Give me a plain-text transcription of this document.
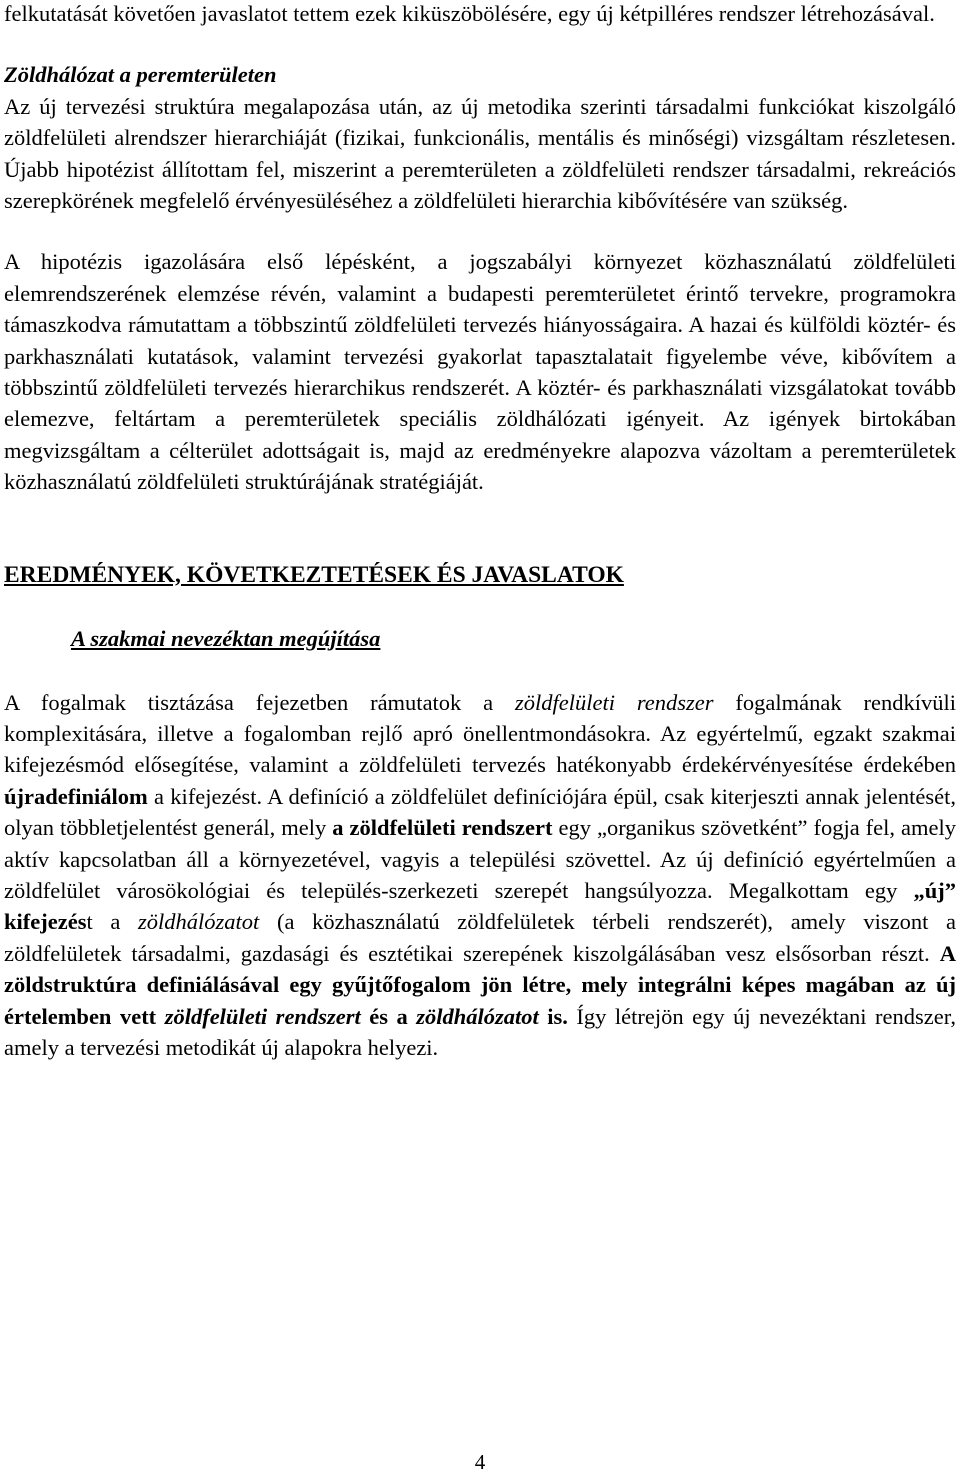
felkutatását követően javaslatot tettem ezek kiküszöbölésére, egy új kétpilléres rendszer létrehozásával.

Zöldhálózat a peremterületen

Az új tervezési struktúra megalapozása után, az új metodika szerinti társadalmi funkciókat kiszolgáló zöldfelületi alrendszer hierarchiáját (fizikai, funkcionális, mentális és minőségi) vizsgáltam részletesen. Újabb hipotézist állítottam fel, miszerint a peremterületen a zöldfelületi rendszer társadalmi, rekreációs szerepkörének megfelelő érvényesüléséhez a zöldfelületi hierarchia kibővítésére van szükség.

A hipotézis igazolására első lépésként, a jogszabályi környezet közhasználatú zöldfelületi elemrendszerének elemzése révén, valamint a budapesti peremterületet érintő tervekre, programokra támaszkodva rámutattam a többszintű zöldfelületi tervezés hiányosságaira. A hazai és külföldi köztér- és parkhasználati kutatások, valamint tervezési gyakorlat tapasztalatait figyelembe véve, kibővítem a többszintű zöldfelületi tervezés hierarchikus rendszerét. A köztér- és parkhasználati vizsgálatokat tovább elemezve, feltártam a peremterületek speciális zöldhálózati igényeit. Az igények birtokában megvizsgáltam a célterület adottságait is, majd az eredményekre alapozva vázoltam a peremterületek közhasználatú zöldfelületi struktúrájának stratégiáját.

EREDMÉNYEK, KÖVETKEZTETÉSEK ÉS JAVASLATOK
A szakmai nevezéktan megújítása

A fogalmak tisztázása fejezetben rámutatok a zöldfelületi rendszer fogalmának rendkívüli komplexitására, illetve a fogalomban rejlő apró önellentmondásokra. Az egyértelmű, egzakt szakmai kifejezésmód elősegítése, valamint a zöldfelületi tervezés hatékonyabb érdekérvényesítése érdekében újradefiniálom a kifejezést. A definíció a zöldfelület definíciójára épül, csak kiterjeszti annak jelentését, olyan többletjelentést generál, mely a zöldfelületi rendszert egy „organikus szövetként” fogja fel, amely aktív kapcsolatban áll a környezetével, vagyis a települési szövettel. Az új definíció egyértelműen a zöldfelület városökológiai és település-szerkezeti szerepét hangsúlyozza. Megalkottam egy „új” kifejezést a zöldhálózatot (a közhasználatú zöldfelületek térbeli rendszerét), amely viszont a zöldfelületek társadalmi, gazdasági és esztétikai szerepének kiszolgálásában vesz elsősorban részt. A zöldstruktúra definiálásával egy gyűjtőfogalom jön létre, mely integrálni képes magában az új értelemben vett zöldfelületi rendszert és a zöldhálózatot is. Így létrejön egy új nevezéktani rendszer, amely a tervezési metodikát új alapokra helyezi.

4
